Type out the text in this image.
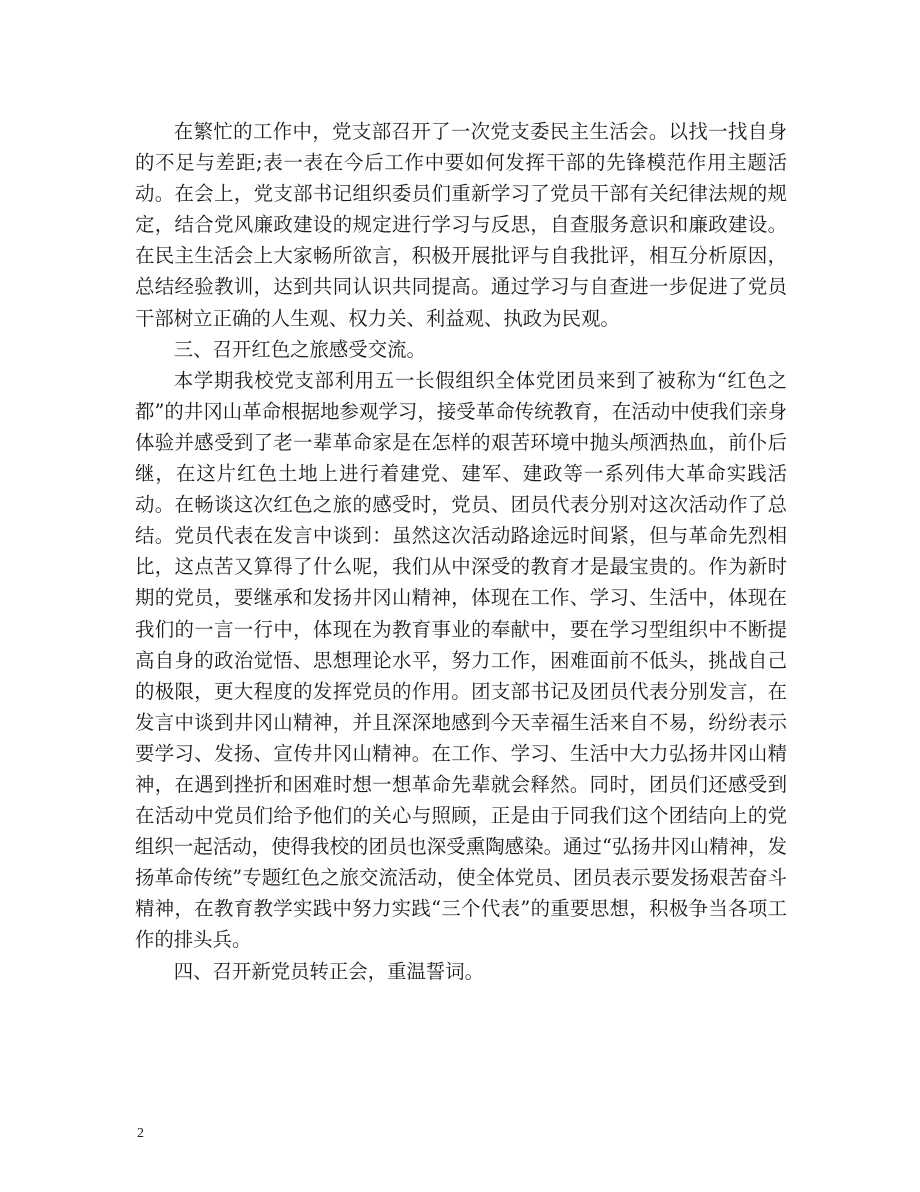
在繁忙的工作中，党支部召开了一次党支委民主生活会。以找一找自身的不足与差距;表一表在今后工作中要如何发挥干部的先锋模范作用主题活动。在会上，党支部书记组织委员们重新学习了党员干部有关纪律法规的规定，结合党风廉政建设的规定进行学习与反思，自查服务意识和廉政建设。在民主生活会上大家畅所欲言，积极开展批评与自我批评，相互分析原因，总结经验教训，达到共同认识共同提高。通过学习与自查进一步促进了党员干部树立正确的人生观、权力关、利益观、执政为民观。

三、召开红色之旅感受交流。

本学期我校党支部利用五一长假组织全体党团员来到了被称为“红色之都”的井冈山革命根据地参观学习，接受革命传统教育，在活动中使我们亲身体验并感受到了老一辈革命家是在怎样的艰苦环境中抛头颅洒热血，前仆后继，在这片红色土地上进行着建党、建军、建政等一系列伟大革命实践活动。在畅谈这次红色之旅的感受时，党员、团员代表分别对这次活动作了总结。党员代表在发言中谈到：虽然这次活动路途远时间紧，但与革命先烈相比，这点苦又算得了什么呢，我们从中深受的教育才是最宝贵的。作为新时期的党员，要继承和发扬井冈山精神，体现在工作、学习、生活中，体现在我们的一言一行中，体现在为教育事业的奉献中，要在学习型组织中不断提高自身的政治觉悟、思想理论水平，努力工作，困难面前不低头，挑战自己的极限，更大程度的发挥党员的作用。团支部书记及团员代表分别发言，在发言中谈到井冈山精神，并且深深地感到今天幸福生活来自不易，纷纷表示要学习、发扬、宣传井冈山精神。在工作、学习、生活中大力弘扬井冈山精神，在遇到挫折和困难时想一想革命先辈就会释然。同时，团员们还感受到在活动中党员们给予他们的关心与照顾，正是由于同我们这个团结向上的党组织一起活动，使得我校的团员也深受熏陶感染。通过“弘扬井冈山精神，发扬革命传统”专题红色之旅交流活动，使全体党员、团员表示要发扬艰苦奋斗精神，在教育教学实践中努力实践“三个代表”的重要思想，积极争当各项工作的排头兵。

四、召开新党员转正会，重温誓词。

2
